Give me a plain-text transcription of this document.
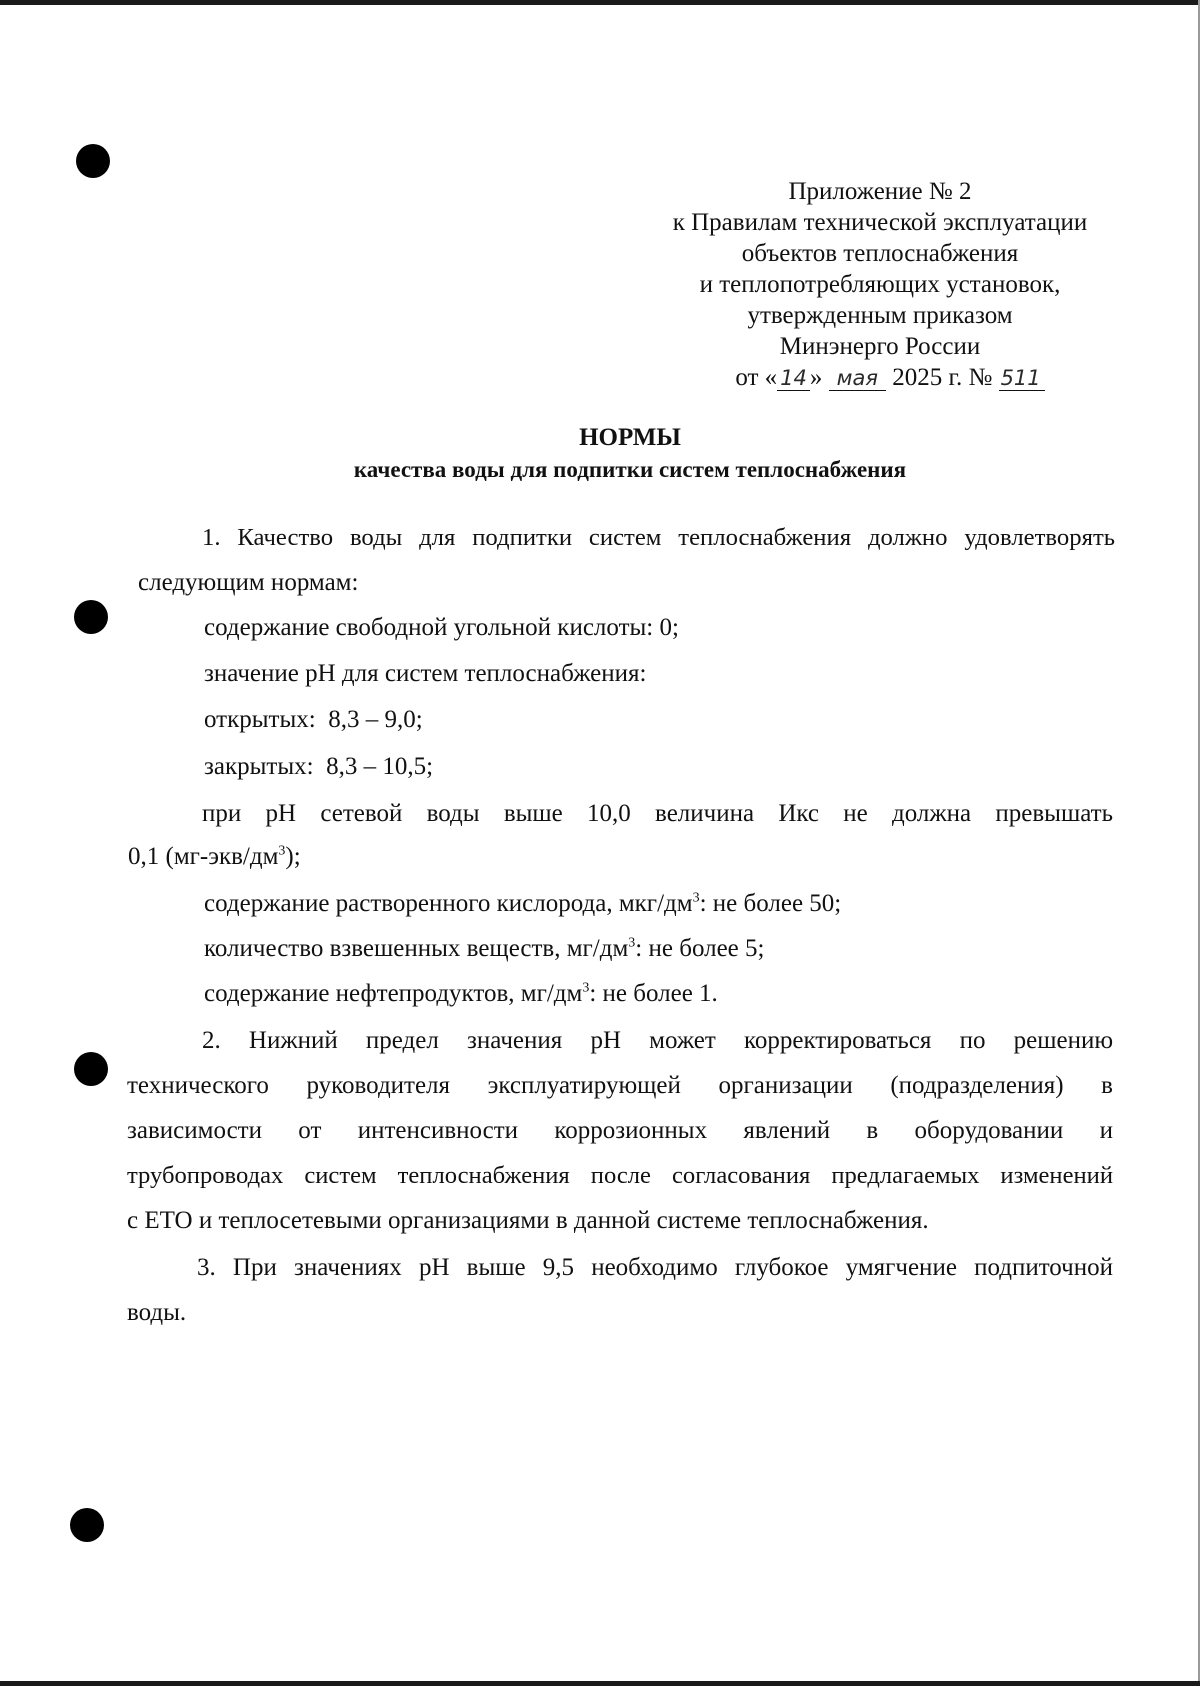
Приложение № 2
к Правилам технической эксплуатации
объектов теплоснабжения
и теплопотребляющих установок,
утвержденным приказом
Минэнерго России
от « 14 » мая 2025 г. № 511
НОРМЫ
качества воды для подпитки систем теплоснабжения

1. Качество воды для подпитки систем теплоснабжения должно удовлетворять

следующим нормам:

содержание свободной угольной кислоты: 0;

значение pH для систем теплоснабжения:

открытых:  8,3 – 9,0;

закрытых:  8,3 – 10,5;

при pH сетевой воды выше 10,0 величина Икс не должна превышать

0,1 $(мг-экв/дм^3)$;

содержание растворенного кислорода, мкг/$дм^3$: не более 50;

количество взвешенных веществ, $мг/дм^3$: не более 5;

содержание нефтепродуктов, $мг/дм^3$: не более 1.

2. Нижний предел значения pH может корректироваться по решению

технического руководителя эксплуатирующей организации (подразделения) в

зависимости от интенсивности коррозионных явлений в оборудовании и

трубопроводах систем теплоснабжения после согласования предлагаемых изменений

с ЕТО и теплосетевыми организациями в данной системе теплоснабжения.

3. При значениях pH выше 9,5 необходимо глубокое умягчение подпиточной

воды.
